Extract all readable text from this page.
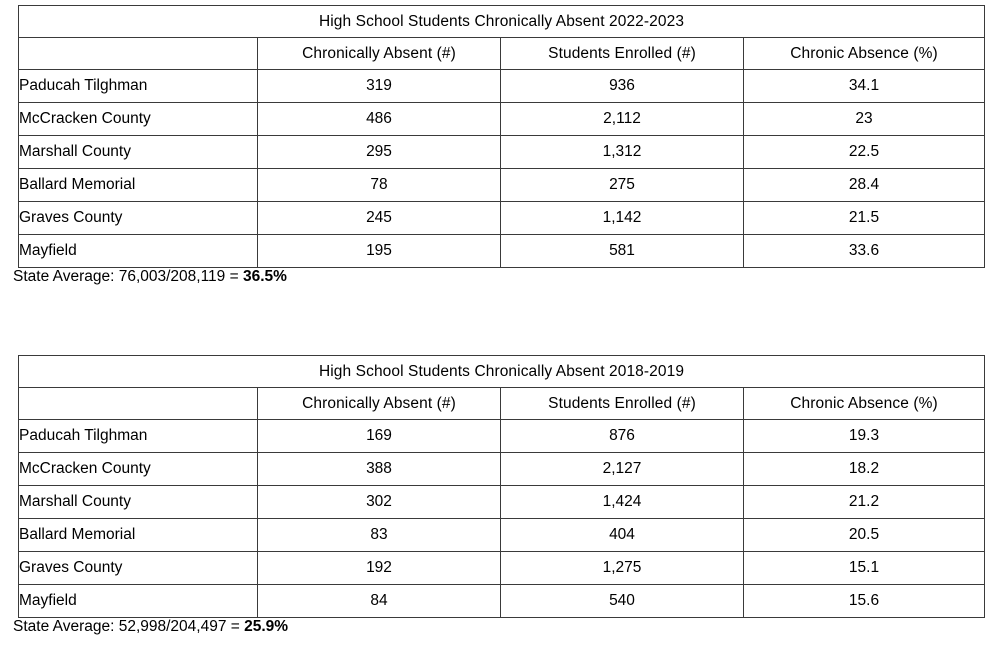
High School Students Chronically Absent 2022-2023			
	Chronically Absent (#)	Students Enrolled (#)	Chronic Absence (%)
Paducah Tilghman	319	936	34.1
McCracken County	486	2,112	23
Marshall County	295	1,312	22.5
Ballard Memorial	78	275	28.4
Graves County	245	1,142	21.5
Mayfield	195	581	33.6
State Average: 76,003/208,119 = 36.5%
High School Students Chronically Absent 2018-2019			
	Chronically Absent (#)	Students Enrolled (#)	Chronic Absence (%)
Paducah Tilghman	169	876	19.3
McCracken County	388	2,127	18.2
Marshall County	302	1,424	21.2
Ballard Memorial	83	404	20.5
Graves County	192	1,275	15.1
Mayfield	84	540	15.6
State Average: 52,998/204,497 = 25.9%
